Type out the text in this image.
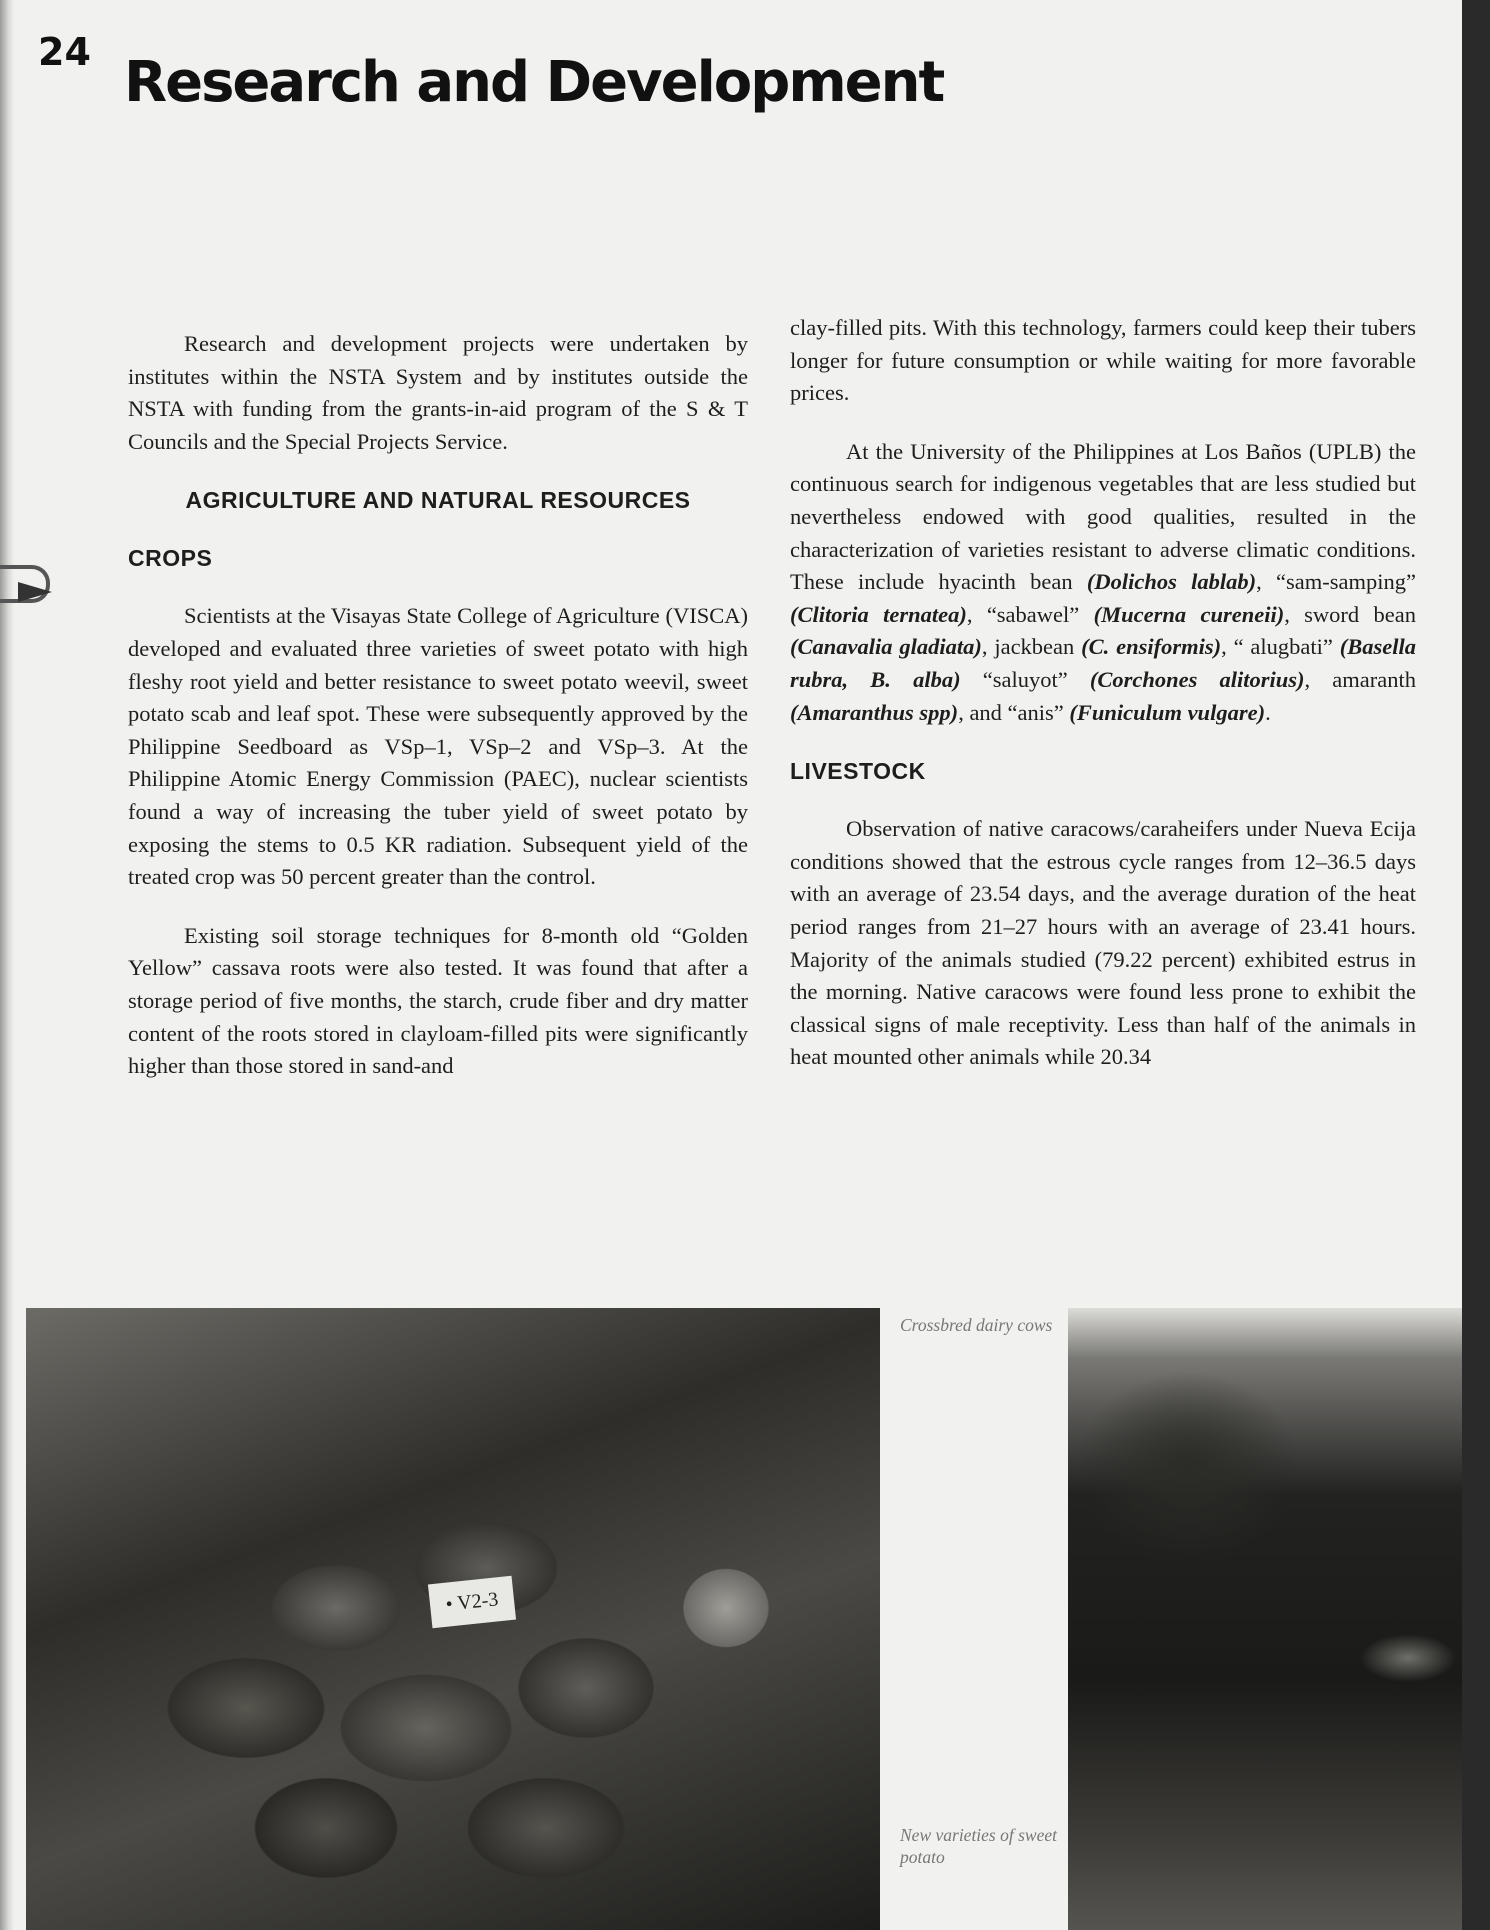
24 Research and Development

Research and development projects were undertaken by institutes within the NSTA System and by institutes outside the NSTA with funding from the grants-in-aid program of the S & T Councils and the Special Projects Service.

AGRICULTURE AND NATURAL RESOURCES

CROPS

Scientists at the Visayas State College of Agriculture (VISCA) developed and evaluated three varieties of sweet potato with high fleshy root yield and better resistance to sweet potato weevil, sweet potato scab and leaf spot. These were subsequently approved by the Philippine Seedboard as VSp–1, VSp–2 and VSp–3. At the Philippine Atomic Energy Commission (PAEC), nuclear scientists found a way of increasing the tuber yield of sweet potato by exposing the stems to 0.5 KR radiation. Subsequent yield of the treated crop was 50 percent greater than the control.

Existing soil storage techniques for 8-month old “Golden Yellow” cassava roots were also tested. It was found that after a storage period of five months, the starch, crude fiber and dry matter content of the roots stored in clayloam-filled pits were significantly higher than those stored in sand-and

clay-filled pits. With this technology, farmers could keep their tubers longer for future consumption or while waiting for more favorable prices.

At the University of the Philippines at Los Baños (UPLB) the continuous search for indigenous vegetables that are less studied but nevertheless endowed with good qualities, resulted in the characterization of varieties resistant to adverse climatic conditions. These include hyacinth bean (Dolichos lablab), “sam-samping” (Clitoria ternatea), “sabawel” (Mucerna cureneii), sword bean (Canavalia gladiata), jackbean (C. ensiformis), “ alugbati” (Basella rubra, B. alba) “saluyot” (Corchones alitorius), amaranth (Amaranthus spp), and “anis” (Funiculum vulgare).

LIVESTOCK

Observation of native caracows/caraheifers under Nueva Ecija conditions showed that the estrous cycle ranges from 12–36.5 days with an average of 23.54 days, and the average duration of the heat period ranges from 21–27 hours with an average of 23.41 hours. Majority of the animals studied (79.22 percent) exhibited estrus in the morning. Native caracows were found less prone to exhibit the classical signs of male receptivity. Less than half of the animals in heat mounted other animals while 20.34

• V2-3

Crossbred dairy cows

New varieties of sweet potato
